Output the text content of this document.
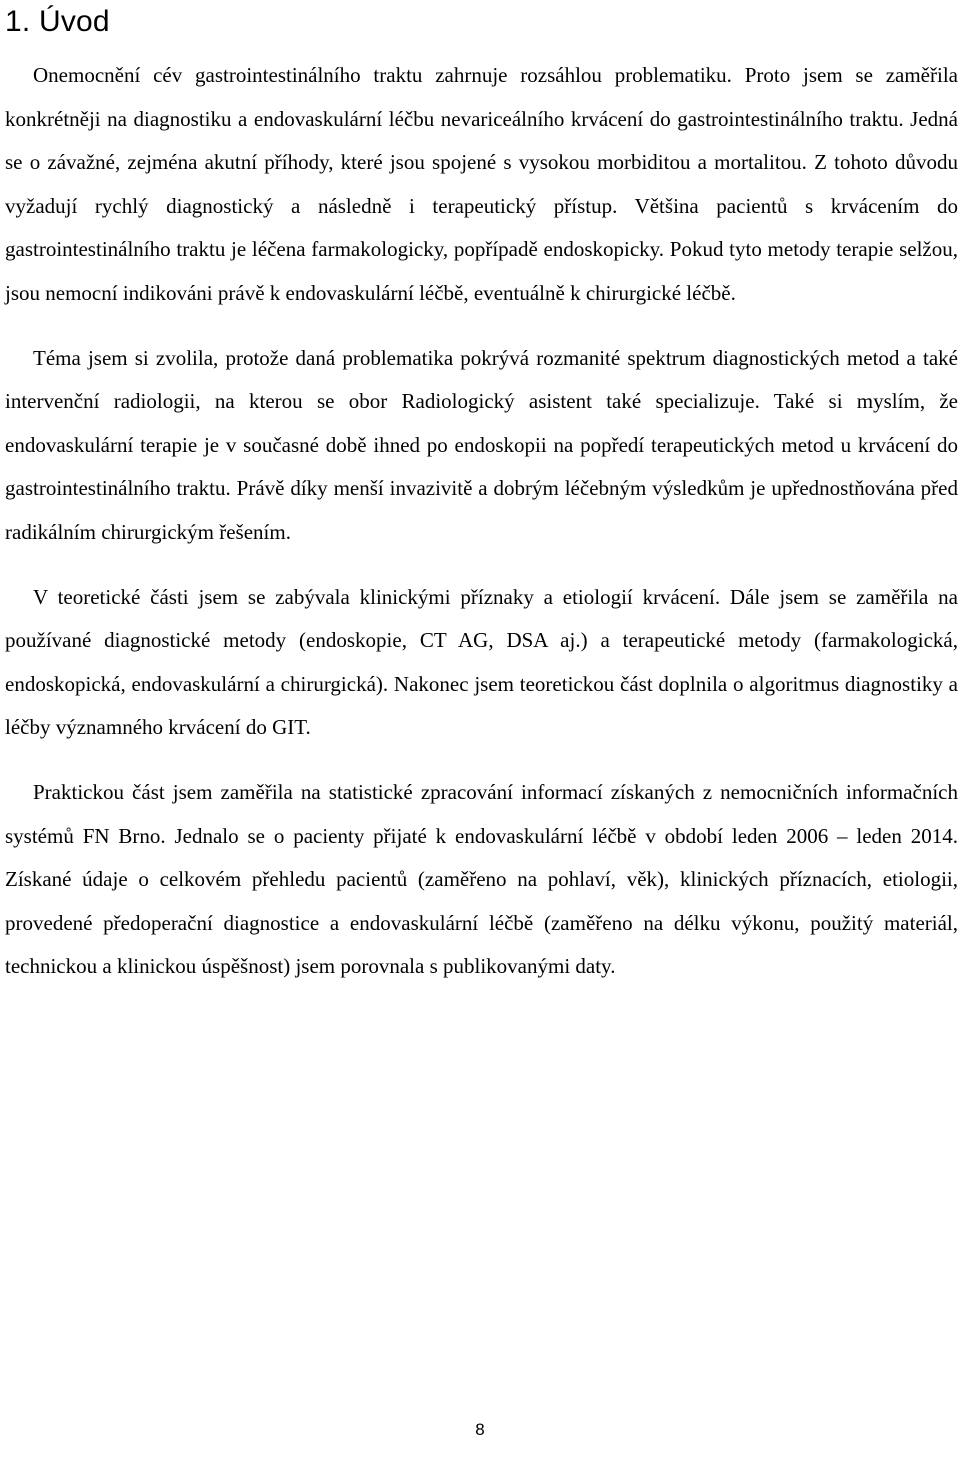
1. Úvod

Onemocnění cév gastrointestinálního traktu zahrnuje rozsáhlou problematiku. Proto jsem se zaměřila konkrétněji na diagnostiku a endovaskulární léčbu nevariceálního krvácení do gastrointestinálního traktu. Jedná se o závažné, zejména akutní příhody, které jsou spojené s vysokou morbiditou a mortalitou. Z tohoto důvodu vyžadují rychlý diagnostický a následně i terapeutický přístup. Většina pacientů s krvácením do gastrointestinálního traktu je léčena farmakologicky, popřípadě endoskopicky. Pokud tyto metody terapie selžou, jsou nemocní indikováni právě k endovaskulární léčbě, eventuálně k chirurgické léčbě.

Téma jsem si zvolila, protože daná problematika pokrývá rozmanité spektrum diagnostických metod a také intervenční radiologii, na kterou se obor Radiologický asistent také specializuje. Také si myslím, že endovaskulární terapie je v současné době ihned po endoskopii na popředí terapeutických metod u krvácení do gastrointestinálního traktu. Právě díky menší invazivitě a dobrým léčebným výsledkům je upřednostňována před radikálním chirurgickým řešením.

V teoretické části jsem se zabývala klinickými příznaky a etiologií krvácení. Dále jsem se zaměřila na používané diagnostické metody (endoskopie, CT AG, DSA aj.) a terapeutické metody (farmakologická, endoskopická, endovaskulární a chirurgická). Nakonec jsem teoretickou část doplnila o algoritmus diagnostiky a léčby významného krvácení do GIT.

Praktickou část jsem zaměřila na statistické zpracování informací získaných z nemocničních informačních systémů FN Brno. Jednalo se o pacienty přijaté k endovaskulární léčbě v období leden 2006 – leden 2014. Získané údaje o celkovém přehledu pacientů (zaměřeno na pohlaví, věk), klinických příznacích, etiologii, provedené předoperační diagnostice a endovaskulární léčbě (zaměřeno na délku výkonu, použitý materiál, technickou a klinickou úspěšnost) jsem porovnala s publikovanými daty.

8
